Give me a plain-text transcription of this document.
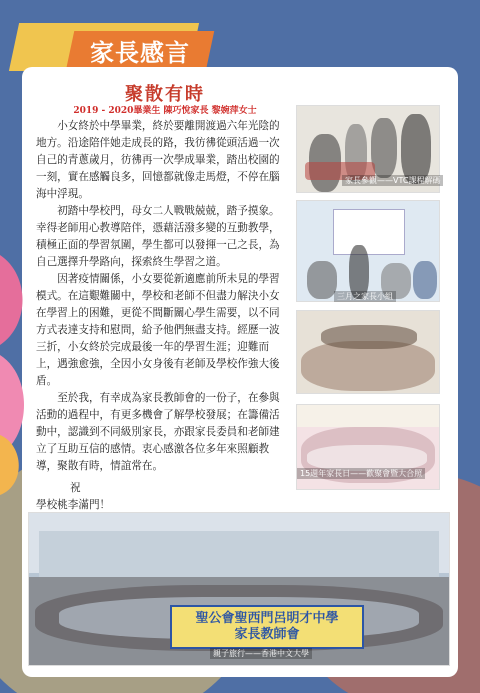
家長感言
聚散有時
2019 - 2020畢業生 陳巧悅家長 黎婉萍女士

小女終於中學畢業，終於要離開渡過六年光陰的地方。沿途陪伴她走成長的路，我彷彿從頭活過一次自己的青蔥歲月，彷彿再一次學成畢業，踏出校園的一刻，實在感觸良多，回憶都就像走馬燈，不停在腦海中浮現。

初踏中學校門，母女二人戰戰兢兢，踏予摸象。幸得老師用心教導陪伴，憑藉活潑多變的互動教學，積極正面的學習氛圍，學生都可以發揮一己之長，為自己選擇升學路向，探索終生學習之道。

因著疫情關係，小女要從新適應前所未見的學習模式。在這艱難關中，學校和老師不但盡力解決小女在學習上的困難，更從不間斷關心學生需要，以不同方式表達支持和慰問，給予他們無盡支持。經歷一波三折，小女終於完成最後一年的學習生涯；迎難而上，遇強愈強，全因小女身後有老師及學校作強大後盾。

至於我，有幸成為家長教師會的一份子，在參與活動的過程中，有更多機會了解學校發展；在籌備活動中，認識到不同級別家長，亦跟家長委員和老師建立了互助互信的感情。衷心感激各位多年來照顧教導，聚散有時，情誼常在。

祝
學校桃李滿門！
聖公會聖西門呂明才中學
家長教師會
家長參觀——VTC課程解碼
三月之家長小組
15週年家長日——歡聚會暨大合照
親子旅行——香港中文大學
P.13
